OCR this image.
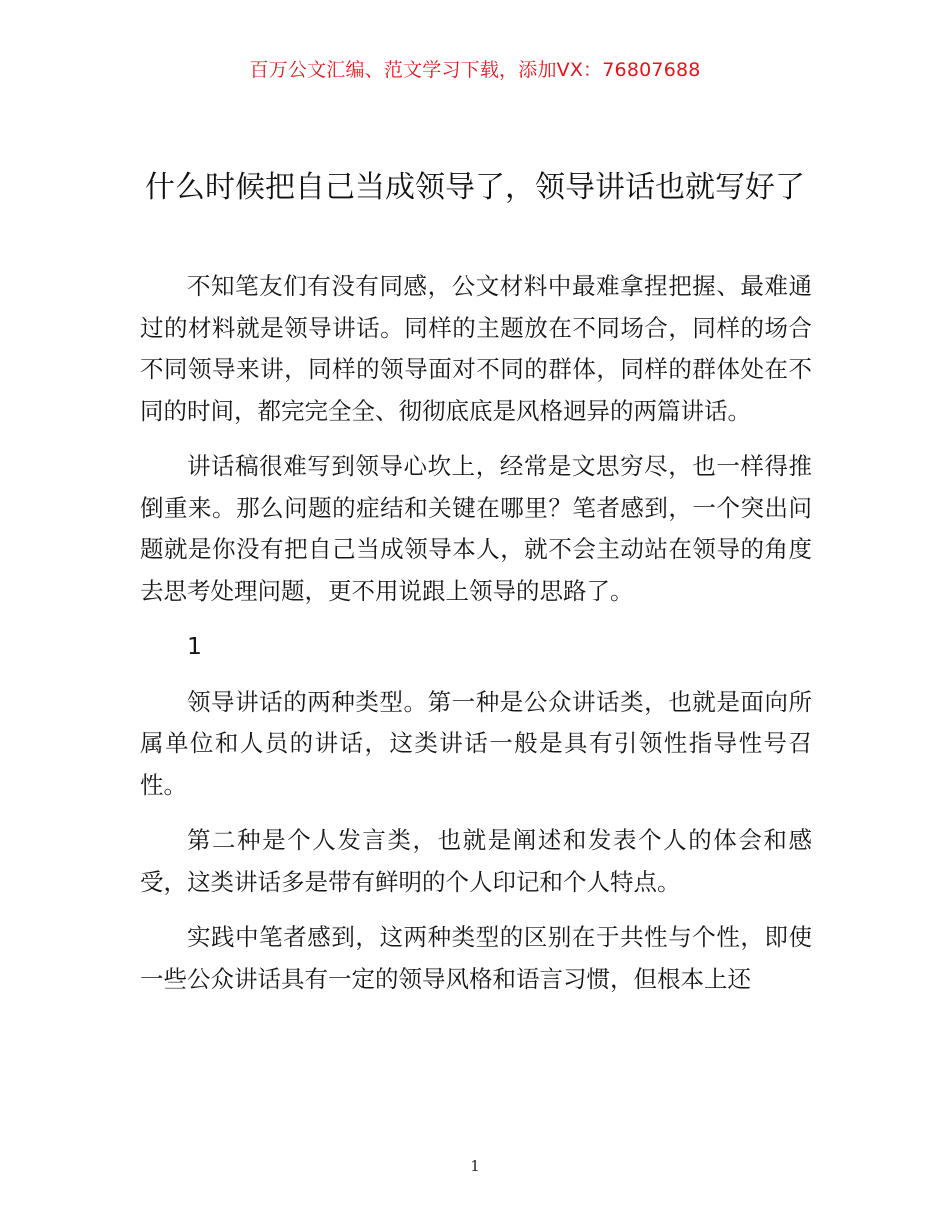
百万公文汇编、范文学习下载，添加VX：76807688
什么时候把自己当成领导了，领导讲话也就写好了

不知笔友们有没有同感，公文材料中最难拿捏把握、最难通过的材料就是领导讲话。同样的主题放在不同场合，同样的场合不同领导来讲，同样的领导面对不同的群体，同样的群体处在不同的时间，都完完全全、彻彻底底是风格迥异的两篇讲话。

讲话稿很难写到领导心坎上，经常是文思穷尽，也一样得推倒重来。那么问题的症结和关键在哪里？笔者感到，一个突出问题就是你没有把自己当成领导本人，就不会主动站在领导的角度去思考处理问题，更不用说跟上领导的思路了。

1

领导讲话的两种类型。第一种是公众讲话类，也就是面向所属单位和人员的讲话，这类讲话一般是具有引领性指导性号召性。

第二种是个人发言类，也就是阐述和发表个人的体会和感受，这类讲话多是带有鲜明的个人印记和个人特点。

实践中笔者感到，这两种类型的区别在于共性与个性，即使一些公众讲话具有一定的领导风格和语言习惯，但根本上还

1
